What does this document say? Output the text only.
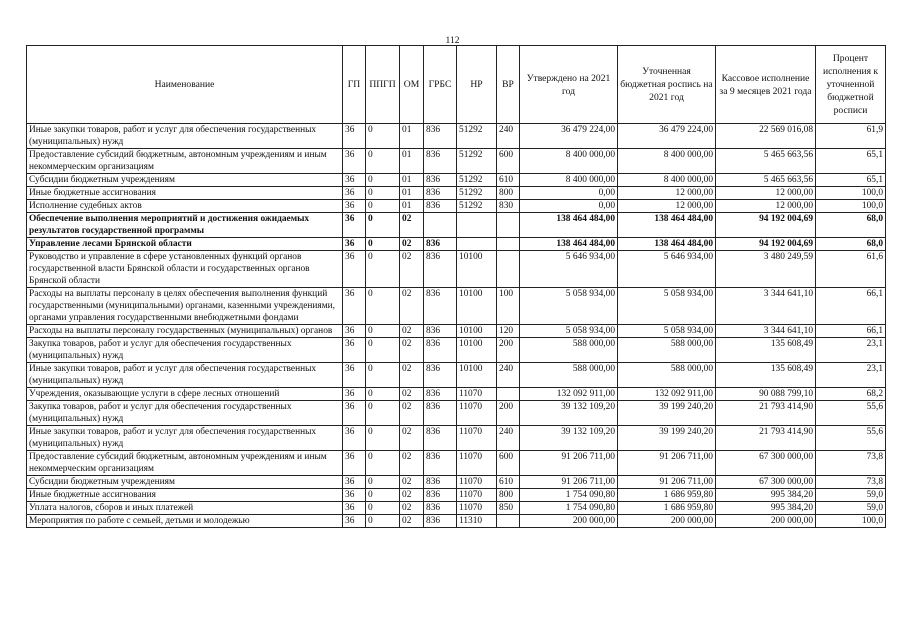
112
Наименование	ГП	ППГП	ОМ	ГРБС	НР	ВР	Утверждено на 2021 год	Уточненная бюджетная роспись на 2021 год	Кассовое исполнение за 9 месяцев 2021 года	Процент исполнения к уточненной бюджетной росписи
Иные закупки товаров, работ и услуг для обеспечения государственных (муниципальных) нужд	36	0	01	836	51292	240	36 479 224,00	36 479 224,00	22 569 016,08	61,9
Предоставление субсидий бюджетным, автономным учреждениям и иным некоммерческим организациям	36	0	01	836	51292	600	8 400 000,00	8 400 000,00	5 465 663,56	65,1
Субсидии бюджетным учреждениям	36	0	01	836	51292	610	8 400 000,00	8 400 000,00	5 465 663,56	65,1
Иные бюджетные ассигнования	36	0	01	836	51292	800	0,00	12 000,00	12 000,00	100,0
Исполнение судебных актов	36	0	01	836	51292	830	0,00	12 000,00	12 000,00	100,0
Обеспечение выполнения мероприятий и достижения ожидаемых результатов государственной программы	36	0	02				138 464 484,00	138 464 484,00	94 192 004,69	68,0
Управление лесами Брянской области	36	0	02	836			138 464 484,00	138 464 484,00	94 192 004,69	68,0
Руководство и управление в сфере установленных функций органов государственной власти Брянской области и государственных органов Брянской области	36	0	02	836	10100		5 646 934,00	5 646 934,00	3 480 249,59	61,6
Расходы на выплаты персоналу в целях обеспечения выполнения функций государственными (муниципальными) органами, казенными учреждениями, органами управления государственными внебюджетными фондами	36	0	02	836	10100	100	5 058 934,00	5 058 934,00	3 344 641,10	66,1
Расходы на выплаты персоналу государственных (муниципальных) органов	36	0	02	836	10100	120	5 058 934,00	5 058 934,00	3 344 641,10	66,1
Закупка товаров, работ и услуг для обеспечения государственных (муниципальных) нужд	36	0	02	836	10100	200	588 000,00	588 000,00	135 608,49	23,1
Иные закупки товаров, работ и услуг для обеспечения государственных (муниципальных) нужд	36	0	02	836	10100	240	588 000,00	588 000,00	135 608,49	23,1
Учреждения, оказывающие услуги в сфере лесных отношений	36	0	02	836	11070		132 092 911,00	132 092 911,00	90 088 799,10	68,2
Закупка товаров, работ и услуг для обеспечения государственных (муниципальных) нужд	36	0	02	836	11070	200	39 132 109,20	39 199 240,20	21 793 414,90	55,6
Иные закупки товаров, работ и услуг для обеспечения государственных (муниципальных) нужд	36	0	02	836	11070	240	39 132 109,20	39 199 240,20	21 793 414,90	55,6
Предоставление субсидий бюджетным, автономным учреждениям и иным некоммерческим организациям	36	0	02	836	11070	600	91 206 711,00	91 206 711,00	67 300 000,00	73,8
Субсидии бюджетным учреждениям	36	0	02	836	11070	610	91 206 711,00	91 206 711,00	67 300 000,00	73,8
Иные бюджетные ассигнования	36	0	02	836	11070	800	1 754 090,80	1 686 959,80	995 384,20	59,0
Уплата налогов, сборов и иных платежей	36	0	02	836	11070	850	1 754 090,80	1 686 959,80	995 384,20	59,0
Мероприятия по работе с семьей, детьми и молодежью	36	0	02	836	11310		200 000,00	200 000,00	200 000,00	100,0
